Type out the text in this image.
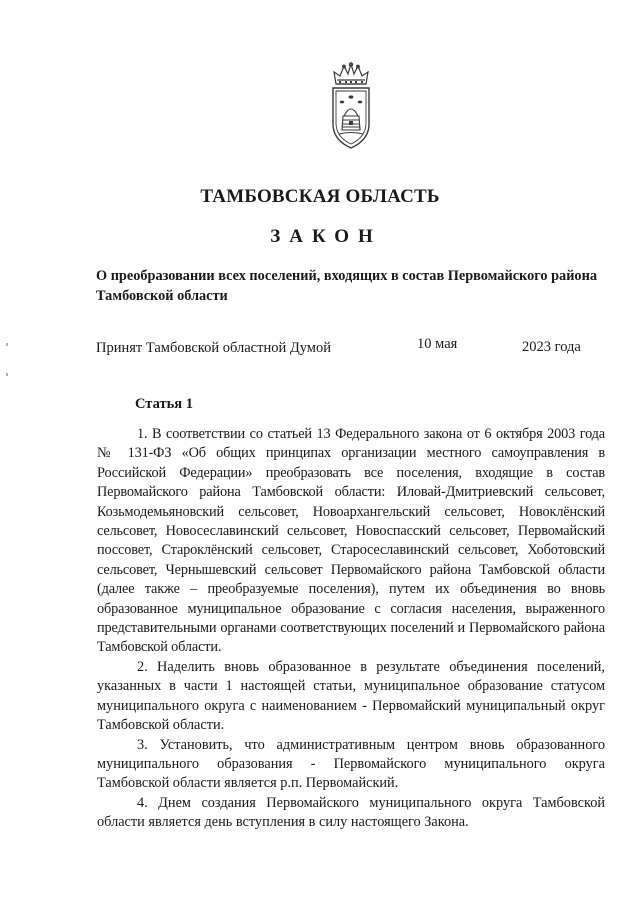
ТАМБОВСКАЯ ОБЛАСТЬ
ЗАКОН
О преобразовании всех поселений, входящих в состав Первомайского района Тамбовской области
Принят Тамбовской областной Думой	10 мая	2023 года
Статья 1

1. В соответствии со статьей 13 Федерального закона от 6 октября 2003 года № 131-ФЗ «Об общих принципах организации местного самоуправления в Российской Федерации» преобразовать все поселения, входящие в состав Первомайского района Тамбовской области: Иловай-Дмитриевский сельсовет, Козьмодемьяновский сельсовет, Новоархангельский сельсовет, Новоклёнский сельсовет, Новосеславинский сельсовет, Новоспасский сельсовет, Первомайский поссовет, Староклёнский сельсовет, Старосеславинский сельсовет, Хоботовский сельсовет, Чернышевский сельсовет Первомайского района Тамбовской области (далее также – преобразуемые поселения), путем их объединения во вновь образованное муниципальное образование с согласия населения, выраженного представительными органами соответствующих поселений и Первомайского района Тамбовской области.

2. Наделить вновь образованное в результате объединения поселений, указанных в части 1 настоящей статьи, муниципальное образование статусом муниципального округа с наименованием - Первомайский муниципальный округ Тамбовской области.

3. Установить, что административным центром вновь образованного муниципального образования - Первомайского муниципального округа Тамбовской области является р.п. Первомайский.

4. Днем создания Первомайского муниципального округа Тамбовской области является день вступления в силу настоящего Закона.
